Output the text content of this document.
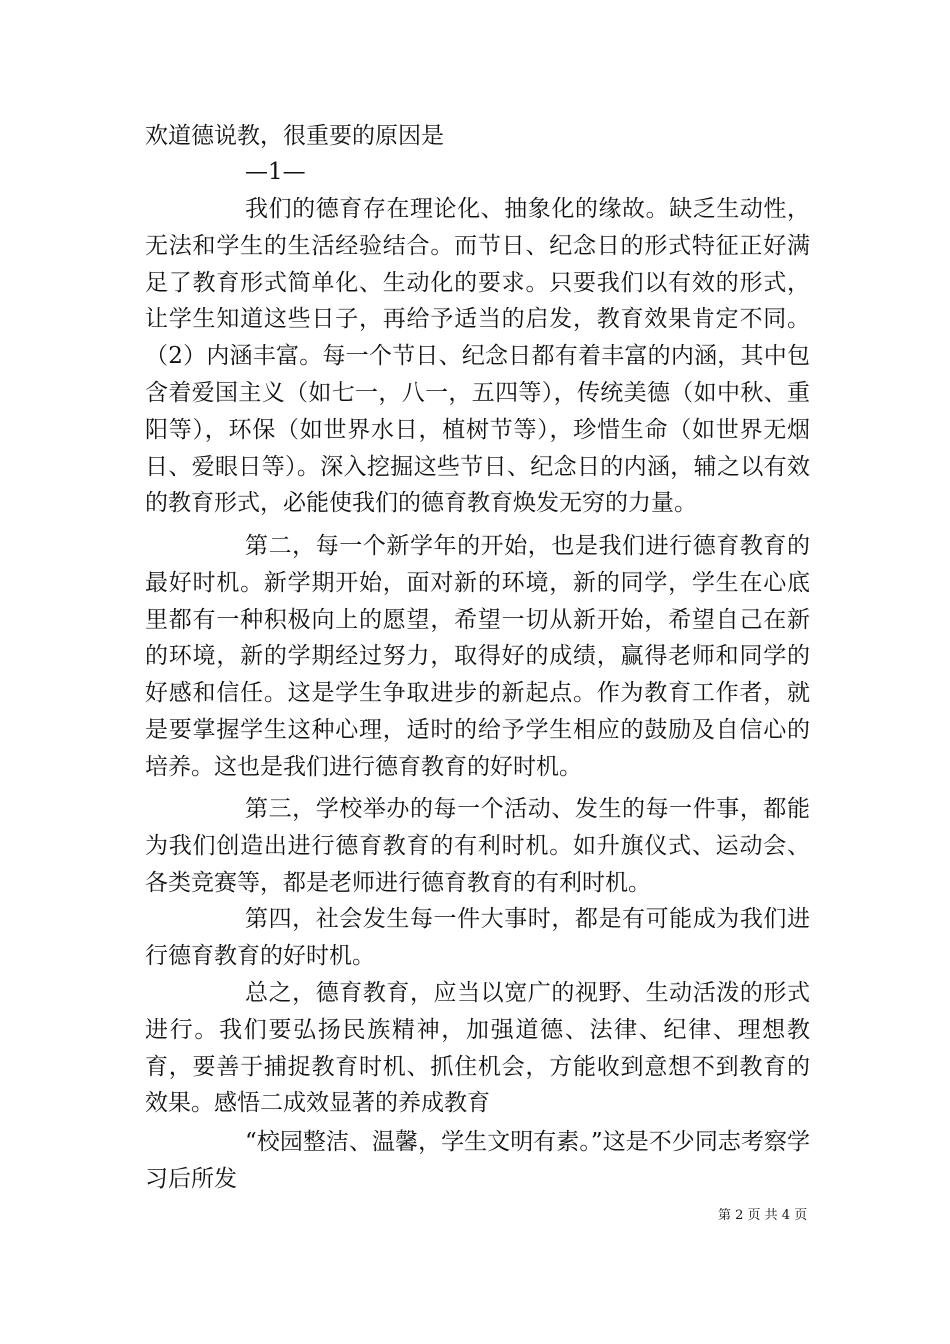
欢道德说教，很重要的原因是

—1—

我们的德育存在理论化、抽象化的缘故。缺乏生动性，无法和学生的生活经验结合。而节日、纪念日的形式特征正好满足了教育形式简单化、生动化的要求。只要我们以有效的形式，让学生知道这些日子，再给予适当的启发，教育效果肯定不同。（2）内涵丰富。每一个节日、纪念日都有着丰富的内涵，其中包含着爱国主义（如七一，八一，五四等），传统美德（如中秋、重阳等），环保（如世界水日，植树节等），珍惜生命（如世界无烟日、爱眼日等）。深入挖掘这些节日、纪念日的内涵，辅之以有效的教育形式，必能使我们的德育教育焕发无穷的力量。

第二，每一个新学年的开始，也是我们进行德育教育的最好时机。新学期开始，面对新的环境，新的同学，学生在心底里都有一种积极向上的愿望，希望一切从新开始，希望自己在新的环境，新的学期经过努力，取得好的成绩，赢得老师和同学的好感和信任。这是学生争取进步的新起点。作为教育工作者，就是要掌握学生这种心理，适时的给予学生相应的鼓励及自信心的培养。这也是我们进行德育教育的好时机。

第三，学校举办的每一个活动、发生的每一件事，都能为我们创造出进行德育教育的有利时机。如升旗仪式、运动会、各类竞赛等，都是老师进行德育教育的有利时机。

第四，社会发生每一件大事时，都是有可能成为我们进行德育教育的好时机。

总之，德育教育，应当以宽广的视野、生动活泼的形式进行。我们要弘扬民族精神，加强道德、法律、纪律、理想教育，要善于捕捉教育时机、抓住机会，方能收到意想不到教育的效果。感悟二成效显著的养成教育

“校园整洁、温馨，学生文明有素。”这是不少同志考察学习后所发

第 2 页 共 4 页
